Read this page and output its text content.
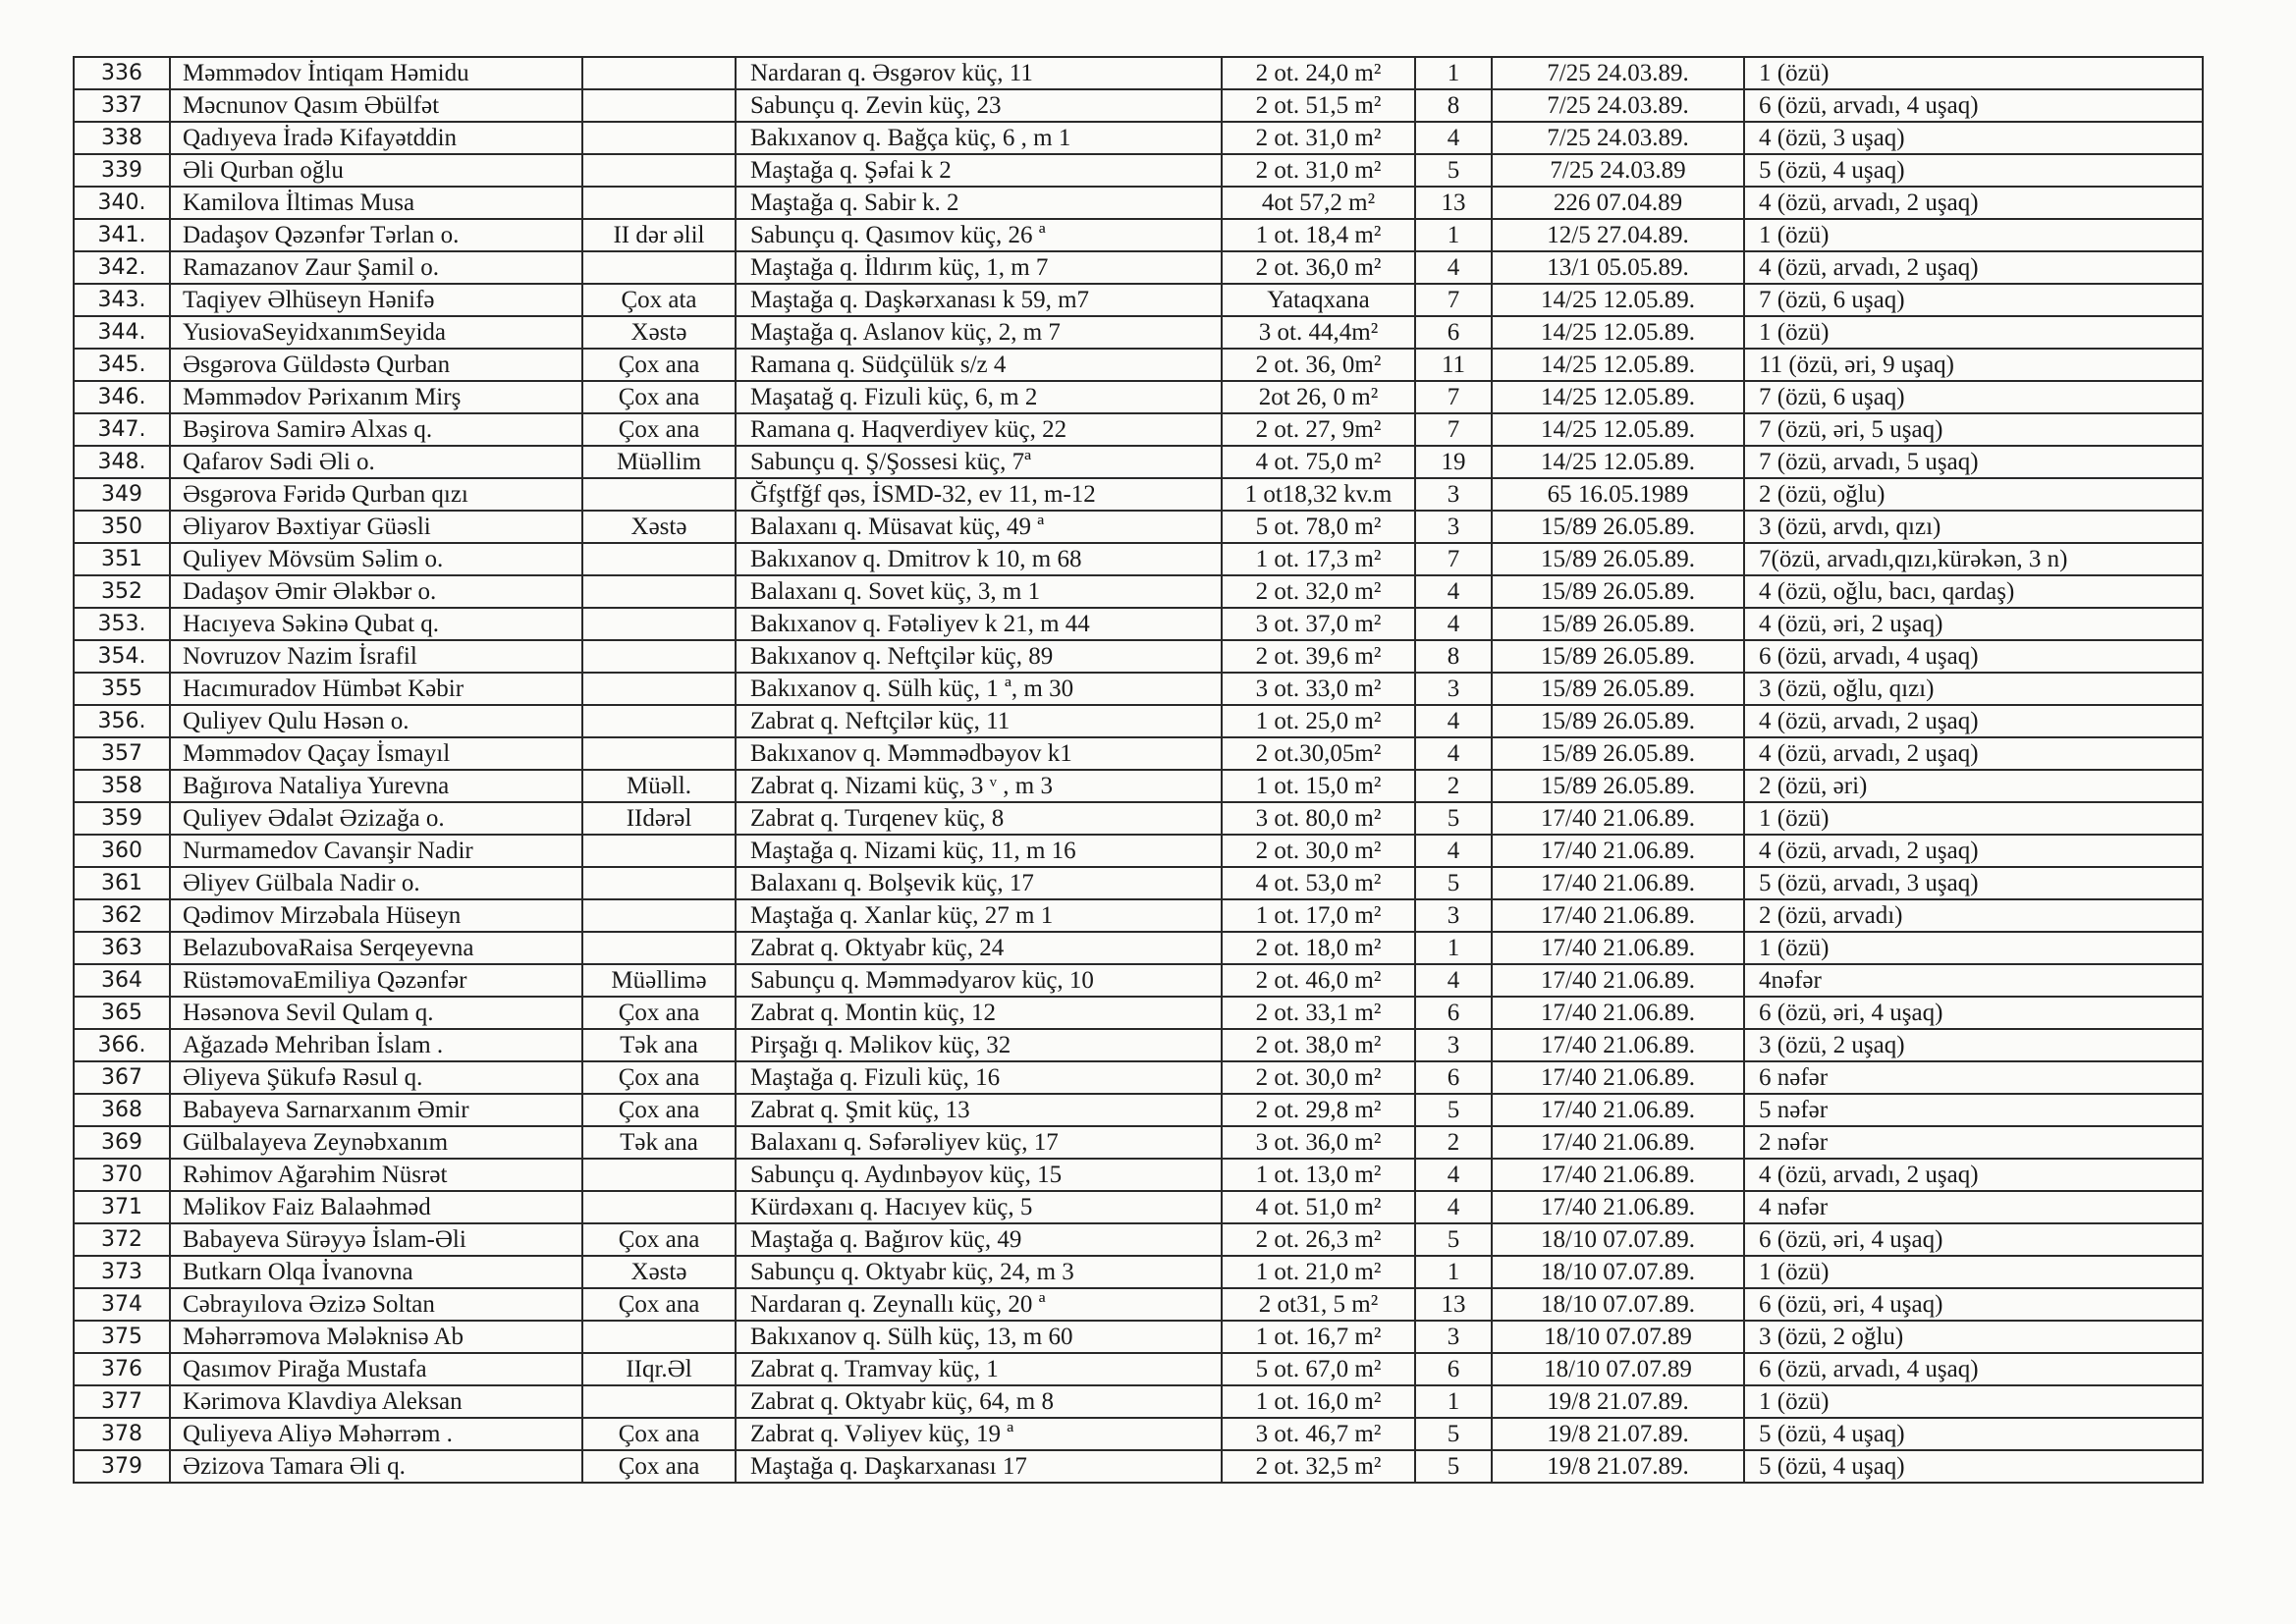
336	Məmmədov İntiqam Həmidu		Nardaran q. Əsgərov küç, 11	2 ot. 24,0 m²	1	7/25 24.03.89.	1 (özü)
337	Məcnunov Qasım Əbülfət		Sabunçu q. Zevin küç, 23	2 ot. 51,5 m²	8	7/25 24.03.89.	6 (özü, arvadı, 4 uşaq)
338	Qadıyeva İradə Kifayətddin		Bakıxanov q. Bağça küç, 6 , m 1	2 ot. 31,0 m²	4	7/25 24.03.89.	4 (özü, 3 uşaq)
339	Əli Qurban oğlu		Maştağa q. Şəfai k 2	2 ot. 31,0 m²	5	7/25 24.03.89	5 (özü, 4 uşaq)
340.	Kamilova İltimas Musa		Maştağa q. Sabir k. 2	4ot 57,2 m²	13	226 07.04.89	4 (özü, arvadı, 2 uşaq)
341.	Dadaşov Qəzənfər Tərlan o.	II dər əlil	Sabunçu q. Qasımov küç, 26 ª	1 ot. 18,4 m²	1	12/5 27.04.89.	1 (özü)
342.	Ramazanov Zaur Şamil o.		Maştağa q. İldırım küç, 1, m 7	2 ot. 36,0 m²	4	13/1 05.05.89.	4 (özü, arvadı, 2 uşaq)
343.	Taqiyev Əlhüseyn Hənifə	Çox ata	Maştağa q. Daşkərxanası k 59, m7	Yataqxana	7	14/25 12.05.89.	7 (özü, 6 uşaq)
344.	YusiovaSeyidxanımSeyida	Xəstə	Maştağa q. Aslanov küç, 2, m 7	3 ot. 44,4m²	6	14/25 12.05.89.	1 (özü)
345.	Əsgərova Güldəstə Qurban	Çox ana	Ramana q. Südçülük s/z 4	2 ot. 36, 0m²	11	14/25 12.05.89.	11 (özü, əri, 9 uşaq)
346.	Məmmədov Pərixanım Mirş	Çox ana	Maşatağ q. Fizuli küç, 6, m 2	2ot 26, 0 m²	7	14/25 12.05.89.	7 (özü, 6 uşaq)
347.	Bəşirova Samirə Alxas q.	Çox ana	Ramana q. Haqverdiyev küç, 22	2 ot. 27, 9m²	7	14/25 12.05.89.	7 (özü, əri, 5 uşaq)
348.	Qafarov Sədi Əli o.	Müəllim	Sabunçu q. Ş/Şossesi küç, 7ª	4 ot. 75,0 m²	19	14/25 12.05.89.	7 (özü, arvadı, 5 uşaq)
349	Əsgərova Fəridə Qurban qızı		Ğfştfğf qəs, İSMD-32, ev 11, m-12	1 ot18,32 kv.m	3	65 16.05.1989	2 (özü, oğlu)
350	Əliyarov Bəxtiyar Güəsli	Xəstə	Balaxanı q. Müsavat küç, 49 ª	5 ot. 78,0 m²	3	15/89 26.05.89.	3 (özü, arvdı, qızı)
351	Quliyev Mövsüm Səlim o.		Bakıxanov q. Dmitrov k 10, m 68	1 ot. 17,3 m²	7	15/89 26.05.89.	7(özü, arvadı,qızı,kürəkən, 3 n)
352	Dadaşov Əmir Ələkbər o.		Balaxanı q. Sovet küç, 3, m 1	2 ot. 32,0 m²	4	15/89 26.05.89.	4 (özü, oğlu, bacı, qardaş)
353.	Hacıyeva Səkinə Qubat q.		Bakıxanov q. Fətəliyev k 21, m 44	3 ot. 37,0 m²	4	15/89 26.05.89.	4 (özü, əri, 2 uşaq)
354.	Novruzov Nazim İsrafil		Bakıxanov q. Neftçilər küç, 89	2 ot. 39,6 m²	8	15/89 26.05.89.	6 (özü, arvadı, 4 uşaq)
355	Hacımuradov Hümbət Kəbir		Bakıxanov q. Sülh küç, 1 ª, m 30	3 ot. 33,0 m²	3	15/89 26.05.89.	3 (özü, oğlu, qızı)
356.	Quliyev Qulu Həsən o.		Zabrat q. Neftçilər küç, 11	1 ot. 25,0 m²	4	15/89 26.05.89.	4 (özü, arvadı, 2 uşaq)
357	Məmmədov Qaçay İsmayıl		Bakıxanov q. Məmmədbəyov k1	2 ot.30,05m²	4	15/89 26.05.89.	4 (özü, arvadı, 2 uşaq)
358	Bağırova Nataliya Yurevna	Müəll.	Zabrat q. Nizami küç, 3 ᵛ , m 3	1 ot. 15,0 m²	2	15/89 26.05.89.	2 (özü, əri)
359	Quliyev Ədalət Əzizağa o.	IIdərəl	Zabrat q. Turqenev küç, 8	3 ot. 80,0 m²	5	17/40 21.06.89.	1 (özü)
360	Nurmamedov Cavanşir Nadir		Maştağa q. Nizami küç, 11, m 16	2 ot. 30,0 m²	4	17/40 21.06.89.	4 (özü, arvadı, 2 uşaq)
361	Əliyev Gülbala Nadir o.		Balaxanı q. Bolşevik küç, 17	4 ot. 53,0 m²	5	17/40 21.06.89.	5 (özü, arvadı, 3 uşaq)
362	Qədimov Mirzəbala Hüseyn		Maştağa q. Xanlar küç, 27 m 1	1 ot. 17,0 m²	3	17/40 21.06.89.	2 (özü, arvadı)
363	BelazubovaRaisa Serqeyevna		Zabrat q. Oktyabr küç, 24	2 ot. 18,0 m²	1	17/40 21.06.89.	1 (özü)
364	RüstəmovaEmiliya Qəzənfər	Müəllimə	Sabunçu q. Məmmədyarov küç, 10	2 ot. 46,0 m²	4	17/40 21.06.89.	4nəfər
365	Həsənova Sevil Qulam q.	Çox ana	Zabrat q. Montin küç, 12	2 ot. 33,1 m²	6	17/40 21.06.89.	6 (özü, əri, 4 uşaq)
366.	Ağazadə Mehriban İslam .	Tək ana	Pirşağı q. Məlikov küç, 32	2 ot. 38,0 m²	3	17/40 21.06.89.	3 (özü, 2 uşaq)
367	Əliyeva Şükufə Rəsul q.	Çox ana	Maştağa q. Fizuli küç, 16	2 ot. 30,0 m²	6	17/40 21.06.89.	6 nəfər
368	Babayeva Sarnarxanım Əmir	Çox ana	Zabrat q. Şmit küç, 13	2 ot. 29,8 m²	5	17/40 21.06.89.	5 nəfər
369	Gülbalayeva Zeynəbxanım	Tək ana	Balaxanı q. Səfərəliyev küç, 17	3 ot. 36,0 m²	2	17/40 21.06.89.	2 nəfər
370	Rəhimov Ağarəhim Nüsrət		Sabunçu q. Aydınbəyov küç, 15	1 ot. 13,0 m²	4	17/40 21.06.89.	4 (özü, arvadı, 2 uşaq)
371	Məlikov Faiz Balaəhməd		Kürdəxanı q. Hacıyev küç, 5	4 ot. 51,0 m²	4	17/40 21.06.89.	4 nəfər
372	Babayeva Sürəyyə İslam-Əli	Çox ana	Maştağa q. Bağırov küç, 49	2 ot. 26,3 m²	5	18/10 07.07.89.	6 (özü, əri, 4 uşaq)
373	Butkarn Olqa İvanovna	Xəstə	Sabunçu q. Oktyabr küç, 24, m 3	1 ot. 21,0 m²	1	18/10 07.07.89.	1 (özü)
374	Cəbrayılova Əzizə Soltan	Çox ana	Nardaran q. Zeynallı küç, 20 ª	2 ot31, 5 m²	13	18/10 07.07.89.	6 (özü, əri, 4 uşaq)
375	Məhərrəmova Mələknisə Ab		Bakıxanov q. Sülh küç, 13, m 60	1 ot. 16,7 m²	3	18/10 07.07.89	3 (özü, 2 oğlu)
376	Qasımov Pirağa Mustafa	IIqr.Əl	Zabrat q. Tramvay küç, 1	5 ot. 67,0 m²	6	18/10 07.07.89	6 (özü, arvadı, 4 uşaq)
377	Kərimova Klavdiya Aleksan		Zabrat q. Oktyabr küç, 64, m 8	1 ot. 16,0 m²	1	19/8 21.07.89.	1 (özü)
378	Quliyeva Aliyə Məhərrəm .	Çox ana	Zabrat q. Vəliyev küç, 19 ª	3 ot. 46,7 m²	5	19/8 21.07.89.	5 (özü, 4 uşaq)
379	Əzizova Tamara Əli q.	Çox ana	Maştağa q. Daşkarxanası 17	2 ot. 32,5 m²	5	19/8 21.07.89.	5 (özü, 4 uşaq)
